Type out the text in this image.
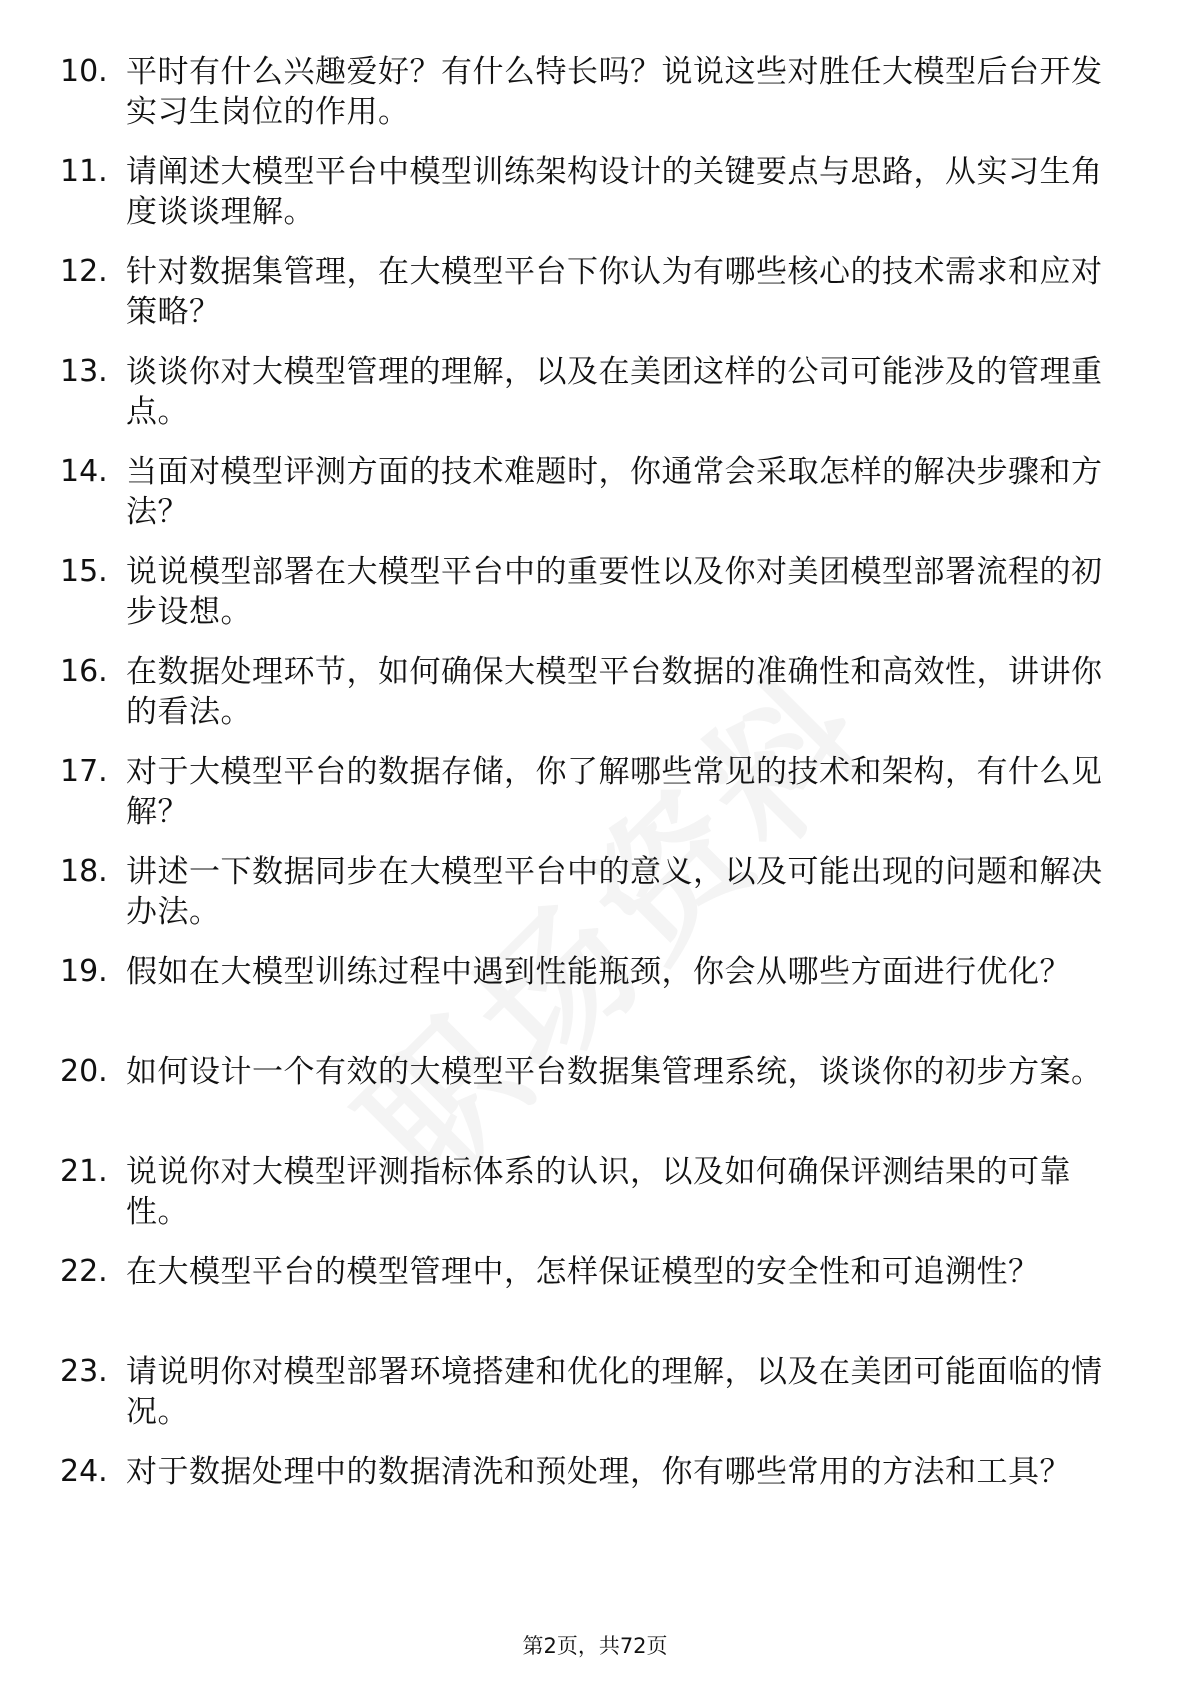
10. 平时有什么兴趣爱好？有什么特长吗？说说这些对胜任大模型后台开发实习生岗位的作用。
11. 请阐述大模型平台中模型训练架构设计的关键要点与思路，从实习生角度谈谈理解。
12. 针对数据集管理，在大模型平台下你认为有哪些核心的技术需求和应对策略？
13. 谈谈你对大模型管理的理解，以及在美团这样的公司可能涉及的管理重点。
14. 当面对模型评测方面的技术难题时，你通常会采取怎样的解决步骤和方法？
15. 说说模型部署在大模型平台中的重要性以及你对美团模型部署流程的初步设想。
16. 在数据处理环节，如何确保大模型平台数据的准确性和高效性，讲讲你的看法。
17. 对于大模型平台的数据存储，你了解哪些常见的技术和架构，有什么见解？
18. 讲述一下数据同步在大模型平台中的意义，以及可能出现的问题和解决办法。
19. 假如在大模型训练过程中遇到性能瓶颈，你会从哪些方面进行优化？
20. 如何设计一个有效的大模型平台数据集管理系统，谈谈你的初步方案。
21. 说说你对大模型评测指标体系的认识，以及如何确保评测结果的可靠性。
22. 在大模型平台的模型管理中，怎样保证模型的安全性和可追溯性？
23. 请说明你对模型部署环境搭建和优化的理解，以及在美团可能面临的情况。
24. 对于数据处理中的数据清洗和预处理，你有哪些常用的方法和工具？
第2页，共72页
